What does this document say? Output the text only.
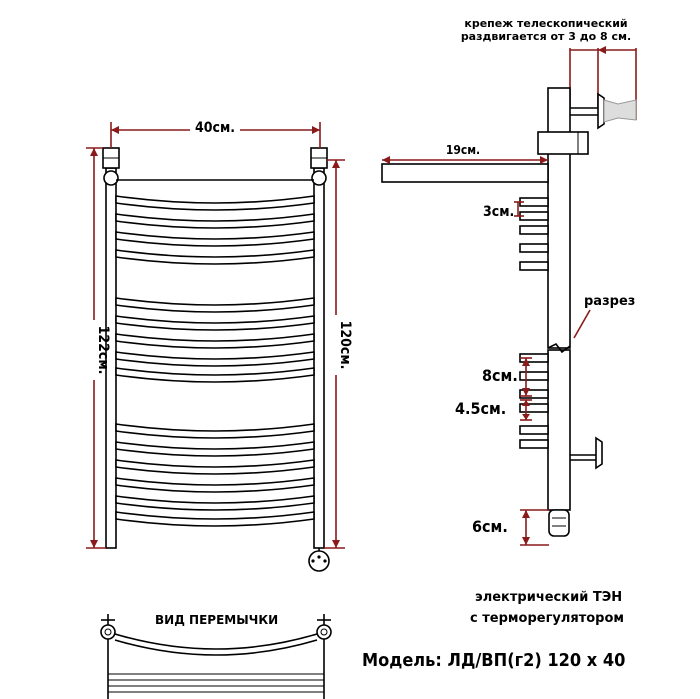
40см.
122см.	120см.
крепеж телескопический
раздвигается от 3 до 8 см.
19см.
3см.
разрез
8см.
4.5см.
6см.
электрический ТЭН
с терморегулятором
ВИД ПЕРЕМЫЧКИ
Модель: ЛД/ВП(г2) 120 х 40
